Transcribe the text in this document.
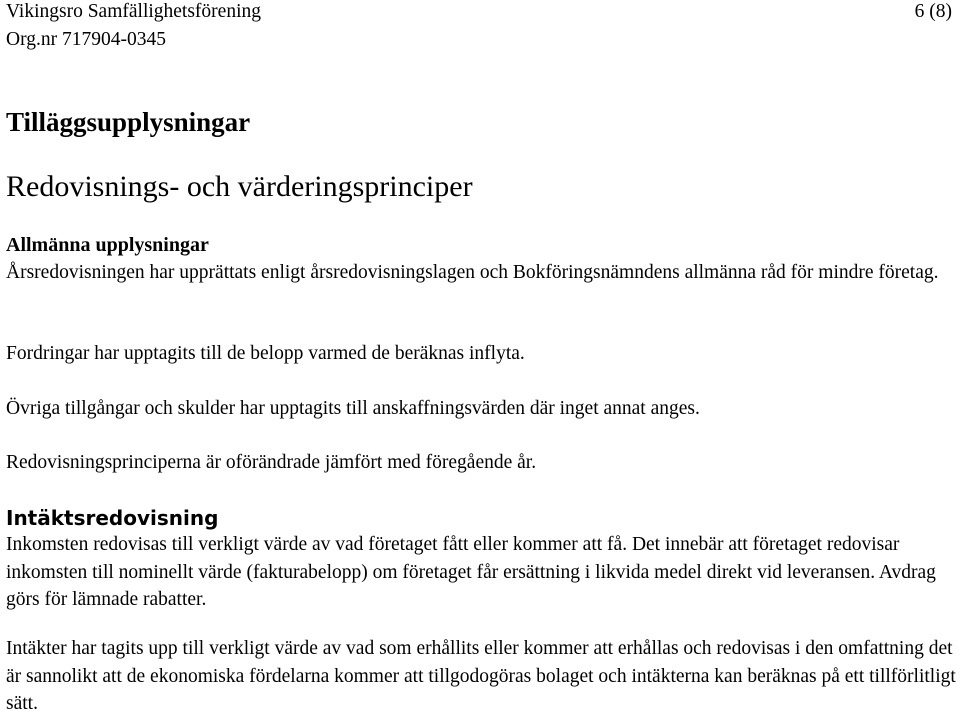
Vikingsro Samfällighetsförening	6 (8)
Org.nr 717904-0345
Tilläggsupplysningar
Redovisnings- och värderingsprinciper
Allmänna upplysningar
Årsredovisningen har upprättats enligt årsredovisningslagen och Bokföringsnämndens allmänna råd för mindre företag.
Fordringar har upptagits till de belopp varmed de beräknas inflyta.
Övriga tillgångar och skulder har upptagits till anskaffningsvärden där inget annat anges.
Redovisningsprinciperna är oförändrade jämfört med föregående år.
Intäktsredovisning
Inkomsten redovisas till verkligt värde av vad företaget fått eller kommer att få. Det innebär att företaget redovisar inkomsten till nominellt värde (fakturabelopp) om företaget får ersättning i likvida medel direkt vid leveransen. Avdrag görs för lämnade rabatter.
Intäkter har tagits upp till verkligt värde av vad som erhållits eller kommer att erhållas och redovisas i den omfattning det är sannolikt att de ekonomiska fördelarna kommer att tillgodogöras bolaget och intäkterna kan beräknas på ett tillförlitligt sätt.
